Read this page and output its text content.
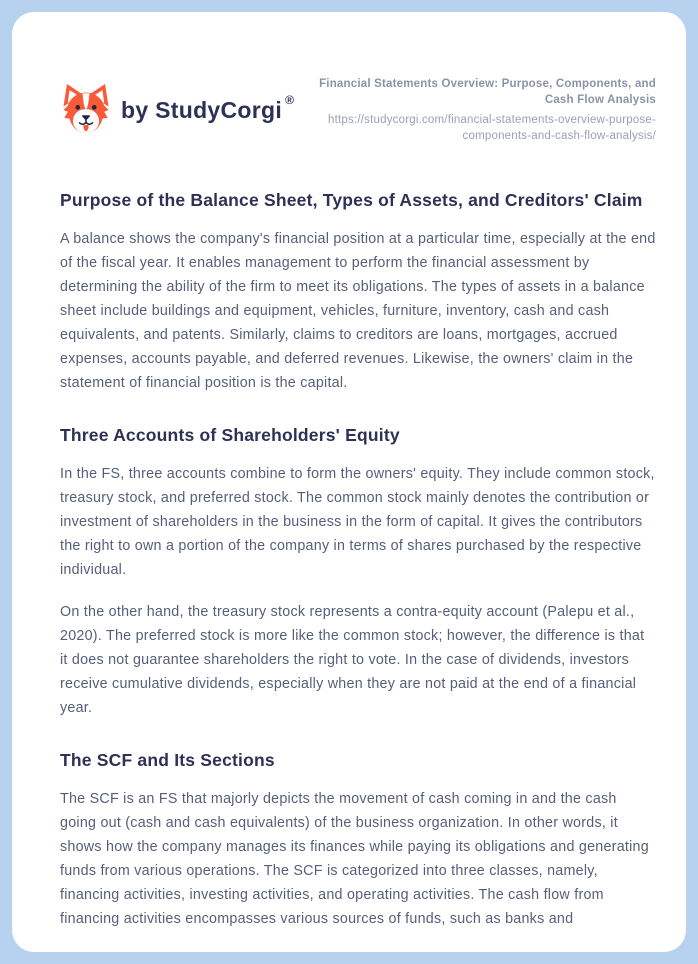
by StudyCorgi ®

Financial Statements Overview: Purpose, Components, and Cash Flow Analysis

https://studycorgi.com/financial-statements-overview-purpose-components-and-cash-flow-analysis/
Purpose of the Balance Sheet, Types of Assets, and Creditors' Claim

A balance shows the company's financial position at a particular time, especially at the end of the fiscal year. It enables management to perform the financial assessment by determining the ability of the firm to meet its obligations. The types of assets in a balance sheet include buildings and equipment, vehicles, furniture, inventory, cash and cash equivalents, and patents. Similarly, claims to creditors are loans, mortgages, accrued expenses, accounts payable, and deferred revenues. Likewise, the owners' claim in the statement of financial position is the capital.

Three Accounts of Shareholders' Equity

In the FS, three accounts combine to form the owners' equity. They include common stock, treasury stock, and preferred stock. The common stock mainly denotes the contribution or investment of shareholders in the business in the form of capital. It gives the contributors the right to own a portion of the company in terms of shares purchased by the respective individual.

On the other hand, the treasury stock represents a contra-equity account (Palepu et al., 2020). The preferred stock is more like the common stock; however, the difference is that it does not guarantee shareholders the right to vote. In the case of dividends, investors receive cumulative dividends, especially when they are not paid at the end of a financial year.

The SCF and Its Sections

The SCF is an FS that majorly depicts the movement of cash coming in and the cash going out (cash and cash equivalents) of the business organization. In other words, it shows how the company manages its finances while paying its obligations and generating funds from various operations. The SCF is categorized into three classes, namely, financing activities, investing activities, and operating activities. The cash flow from financing activities encompasses various sources of funds, such as banks and
